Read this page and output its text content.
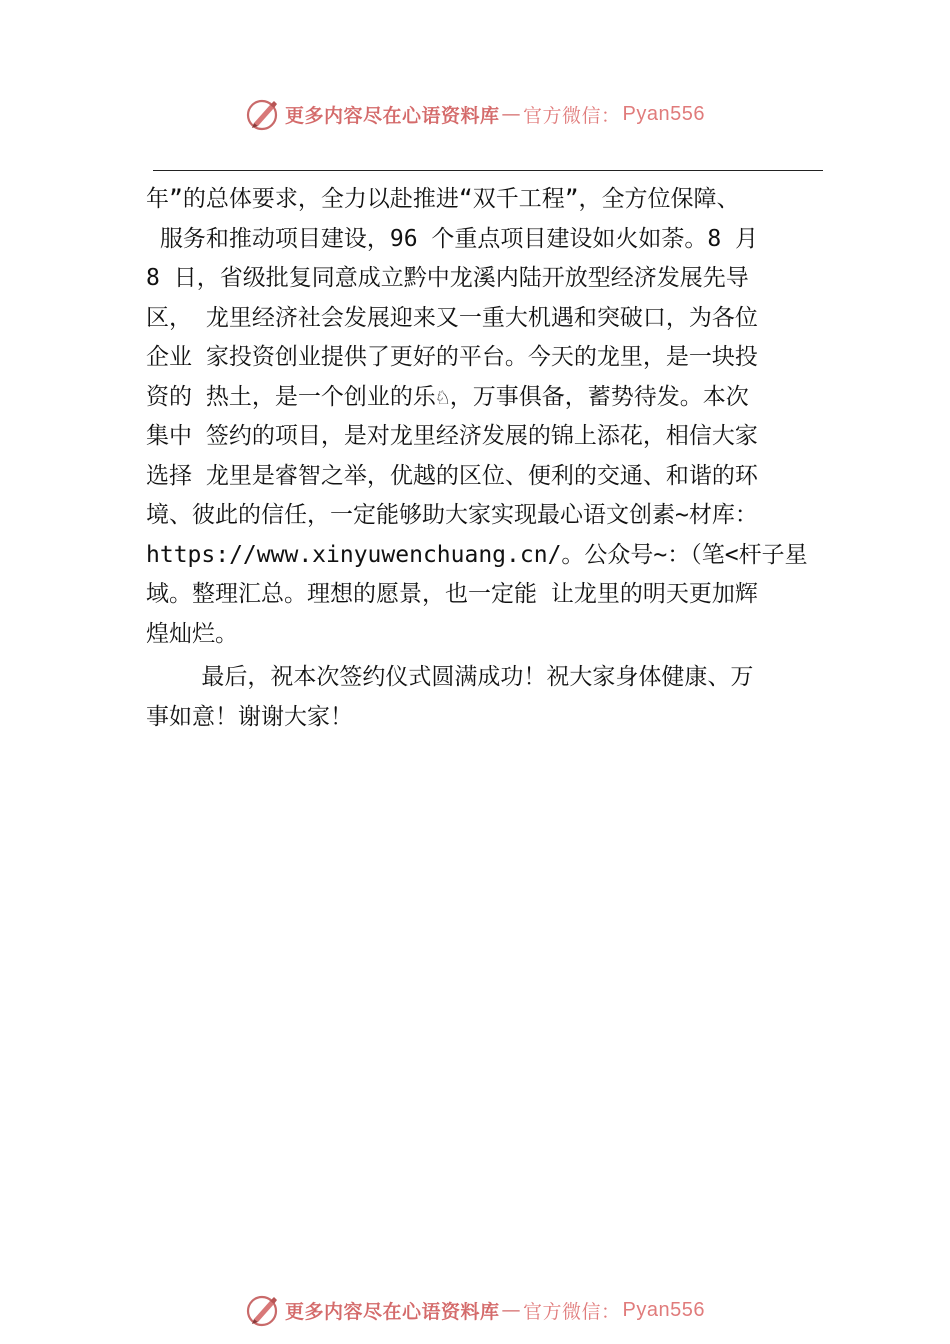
更多内容尽在心语资料库 — 官方微信： Pyan556
年”的总体要求，全力以赴推进“双千工程”，全方位保障、
服务和推动项目建设，96 个重点项目建设如火如荼。8 月
8 日，省级批复同意成立黔中龙溪内陆开放型经济发展先导
区， 龙里经济社会发展迎来又一重大机遇和突破口，为各位
企业 家投资创业提供了更好的平台。今天的龙里，是一块投
资的 热土，是一个创业的乐♘，万事俱备，蓄势待发。本次
集中 签约的项目，是对龙里经济发展的锦上添花，相信大家
选择 龙里是睿智之举，优越的区位、便利的交通、和谐的环
境、彼此的信任，一定能够助大家实现最心语文创素~材库：
https://www.xinyuwenchuang.cn/。公众号~：（笔<杆子星
域。整理汇总。理想的愿景，也一定能 让龙里的明天更加辉
煌灿烂。
最后，祝本次签约仪式圆满成功！祝大家身体健康、万
事如意！谢谢大家！
更多内容尽在心语资料库 — 官方微信： Pyan556
